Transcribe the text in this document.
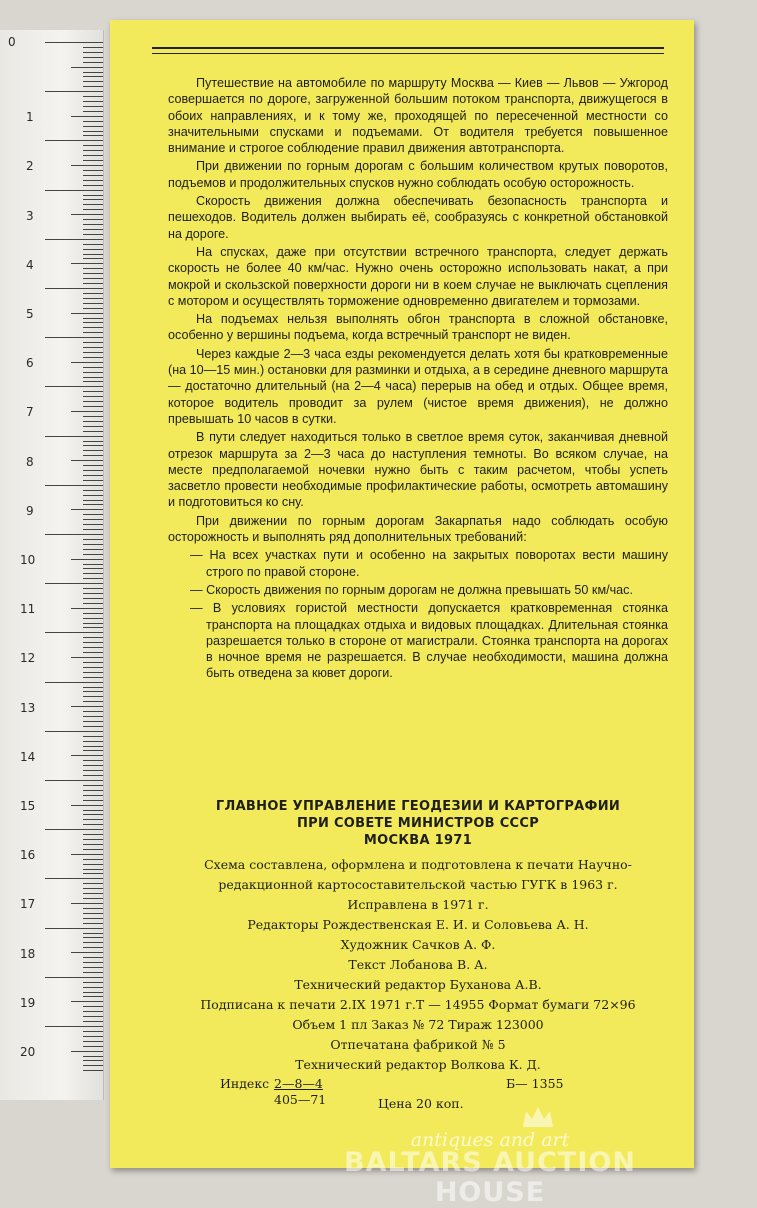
0
1
2
3
4
5
6
7
8
9
10
11
12
13
14
15
16
17
18
19
20

Путешествие на автомобиле по маршруту Москва — Киев — Львов — Ужгород совершается по дороге, загруженной большим потоком транспорта, движущегося в обоих направлениях, и к тому же, проходящей по пересеченной местности со значительными спусками и подъемами. От водителя требуется повышенное внимание и строгое соблюдение правил движения автотранспорта.

При движении по горным дорогам с большим количеством крутых поворотов, подъемов и продолжительных спусков нужно соблюдать особую осторожность.

Скорость движения должна обеспечивать безопасность транспорта и пешеходов. Водитель должен выбирать её, сообразуясь с конкретной обстановкой на дороге.

На спусках, даже при отсутствии встречного транспорта, следует держать скорость не более 40 км/час. Нужно очень осторожно использовать накат, а при мокрой и скользской поверхности дороги ни в коем случае не выключать сцепления с мотором и осуществлять торможение одновременно двигателем и тормозами.

На подъемах нельзя выполнять обгон транспорта в сложной обстановке, особенно у вершины подъема, когда встречный транспорт не виден.

Через каждые 2—3 часа езды рекомендуется делать хотя бы кратковременные (на 10—15 мин.) остановки для разминки и отдыха, а в середине дневного маршрута — достаточно длительный (на 2—4 часа) перерыв на обед и отдых. Общее время, которое водитель проводит за рулем (чистое время движения), не должно превышать 10 часов в сутки.

В пути следует находиться только в светлое время суток, заканчивая дневной отрезок маршрута за 2—3 часа до наступления темноты. Во всяком случае, на месте предполагаемой ночевки нужно быть с таким расчетом, чтобы успеть засветло провести необходимые профилактические работы, осмотреть автомашину и подготовиться ко сну.

При движении по горным дорогам Закарпатья надо соблюдать особую осторожность и выполнять ряд дополнительных требований:

— На всех участках пути и особенно на закрытых поворотах вести машину строго по правой стороне.
— Скорость движения по горным дорогам не должна превышать 50 км/час.
— В условиях гористой местности допускается кратковременная стоянка транспорта на площадках отдыха и видовых площадках. Длительная стоянка разрешается только в стороне от магистрали. Стоянка транспорта на дорогах в ночное время не разрешается. В случае необходимости, машина должна быть отведена за кювет дороги.
ГЛАВНОЕ УПРАВЛЕНИЕ ГЕОДЕЗИИ И КАРТОГРАФИИ
ПРИ СОВЕТЕ МИНИСТРОВ СССР
МОСКВА 1971
Схема составлена, оформлена и подготовлена к печати Научно-
редакционной картосоставительской частью ГУГК в 1963 г.
Исправлена в 1971 г.
Редакторы Рождественская Е. И. и Соловьева А. Н.
Художник Сачков А. Ф.
Текст Лобанова В. А.
Технический редактор Буханова А.В.
Подписана к печати 2.IX 1971 г.Т — 14955 Формат бумаги 72×96
Объем 1 пл Заказ № 72 Тираж 123000
Отпечатана фабрикой № 5
Технический редактор Волкова К. Д.
Индекс 2—8—4
405—71	Цена 20 коп.
Б— 1355
antiques and art
BALTARS AUCTION HOUSE
